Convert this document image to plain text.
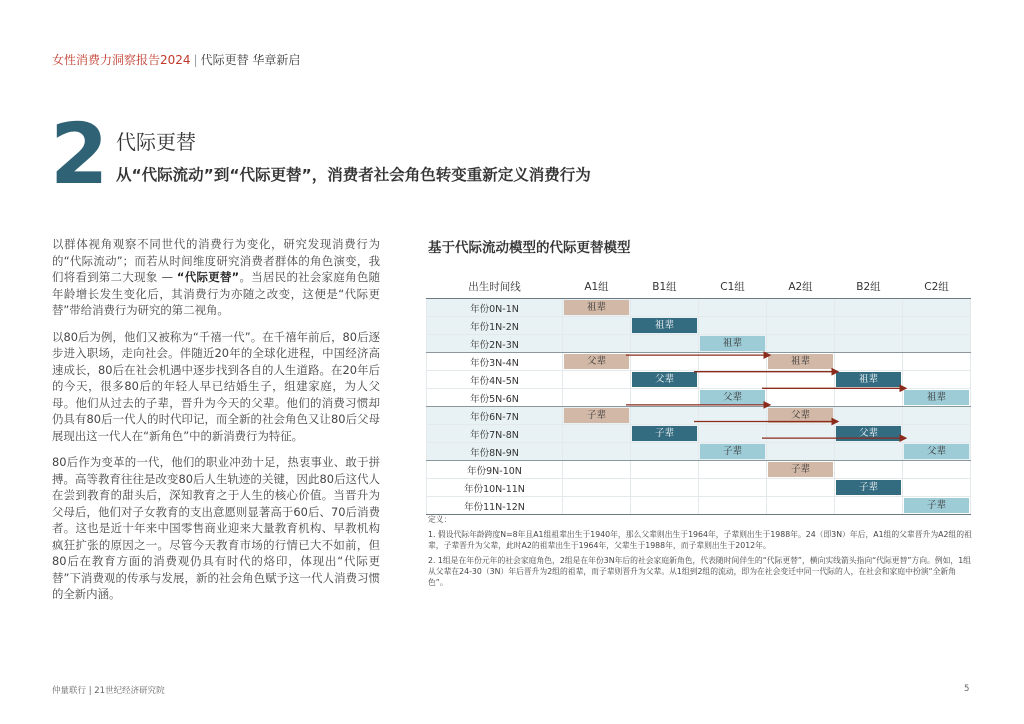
女性消费力洞察报告2024 | 代际更替 华章新启
2 代际更替
从“代际流动”到“代际更替”，消费者社会角色转变重新定义消费行为

以群体视角观察不同世代的消费行为变化，研究发现消费行为的“代际流动”；而若从时间维度研究消费者群体的角色演变，我们将看到第二大现象 — “代际更替”。当居民的社会家庭角色随年龄增长发生变化后，其消费行为亦随之改变，这便是“代际更替”带给消费行为研究的第二视角。

以80后为例，他们又被称为“千禧一代”。在千禧年前后，80后逐步进入职场，走向社会。伴随近20年的全球化进程，中国经济高速成长，80后在社会机遇中逐步找到各自的人生道路。在20年后的今天，很多80后的年轻人早已结婚生子，组建家庭，为人父母。他们从过去的子辈，晋升为今天的父辈。他们的消费习惯却仍具有80后一代人的时代印记，而全新的社会角色又让80后父母展现出这一代人在“新角色”中的新消费行为特征。

80后作为变革的一代，他们的职业冲劲十足，热衷事业、敢于拼搏。高等教育往往是改变80后人生轨迹的关键，因此80后这代人在尝到教育的甜头后，深知教育之于人生的核心价值。当晋升为父母后，他们对子女教育的支出意愿则显著高于60后、70后消费者。这也是近十年来中国零售商业迎来大量教育机构、早教机构疯狂扩张的原因之一。尽管今天教育市场的行情已大不如前，但80后在教育方面的消费观仍具有时代的烙印，体现出“代际更替”下消费观的传承与发展，新的社会角色赋予这一代人消费习惯的全新内涵。

基于代际流动模型的代际更替模型
出生时间线	A1组	B1组	C1组	A2组	B2组	C2组
年份0N-1N	祖辈					

年份1N-2N		祖辈				

年份2N-3N			祖辈			

年份3N-4N	父辈			祖辈		

年份4N-5N		父辈			祖辈	

年份5N-6N			父辈			祖辈

年份6N-7N	子辈			父辈		

年份7N-8N		子辈			父辈	

年份8N-9N			子辈			父辈

年份9N-10N				子辈		

年份10N-11N					子辈	

年份11N-12N						子辈

定义：

1. 假设代际年龄跨度N=8年且A1组祖辈出生于1940年，那么父辈则出生于1964年，子辈则出生于1988年。24（即3N）年后，A1组的父辈晋升为A2组的祖辈，子辈晋升为父辈，此时A2的祖辈出生于1964年，父辈生于1988年，而子辈则出生于2012年。

2. 1组是在年份元年的社会家庭角色，2组是在年份3N年后的社会家庭新角色，代表随时间伴生的“代际更替”，横向实线箭头指向“代际更替”方向。例如，1组从父辈在24-30（3N）年后晋升为2组的祖辈，而子辈则晋升为父辈。从1组到2组的流动，即为在社会变迁中同一代际的人，在社会和家庭中扮演“全新角色”。

仲量联行 | 21世纪经济研究院	5
